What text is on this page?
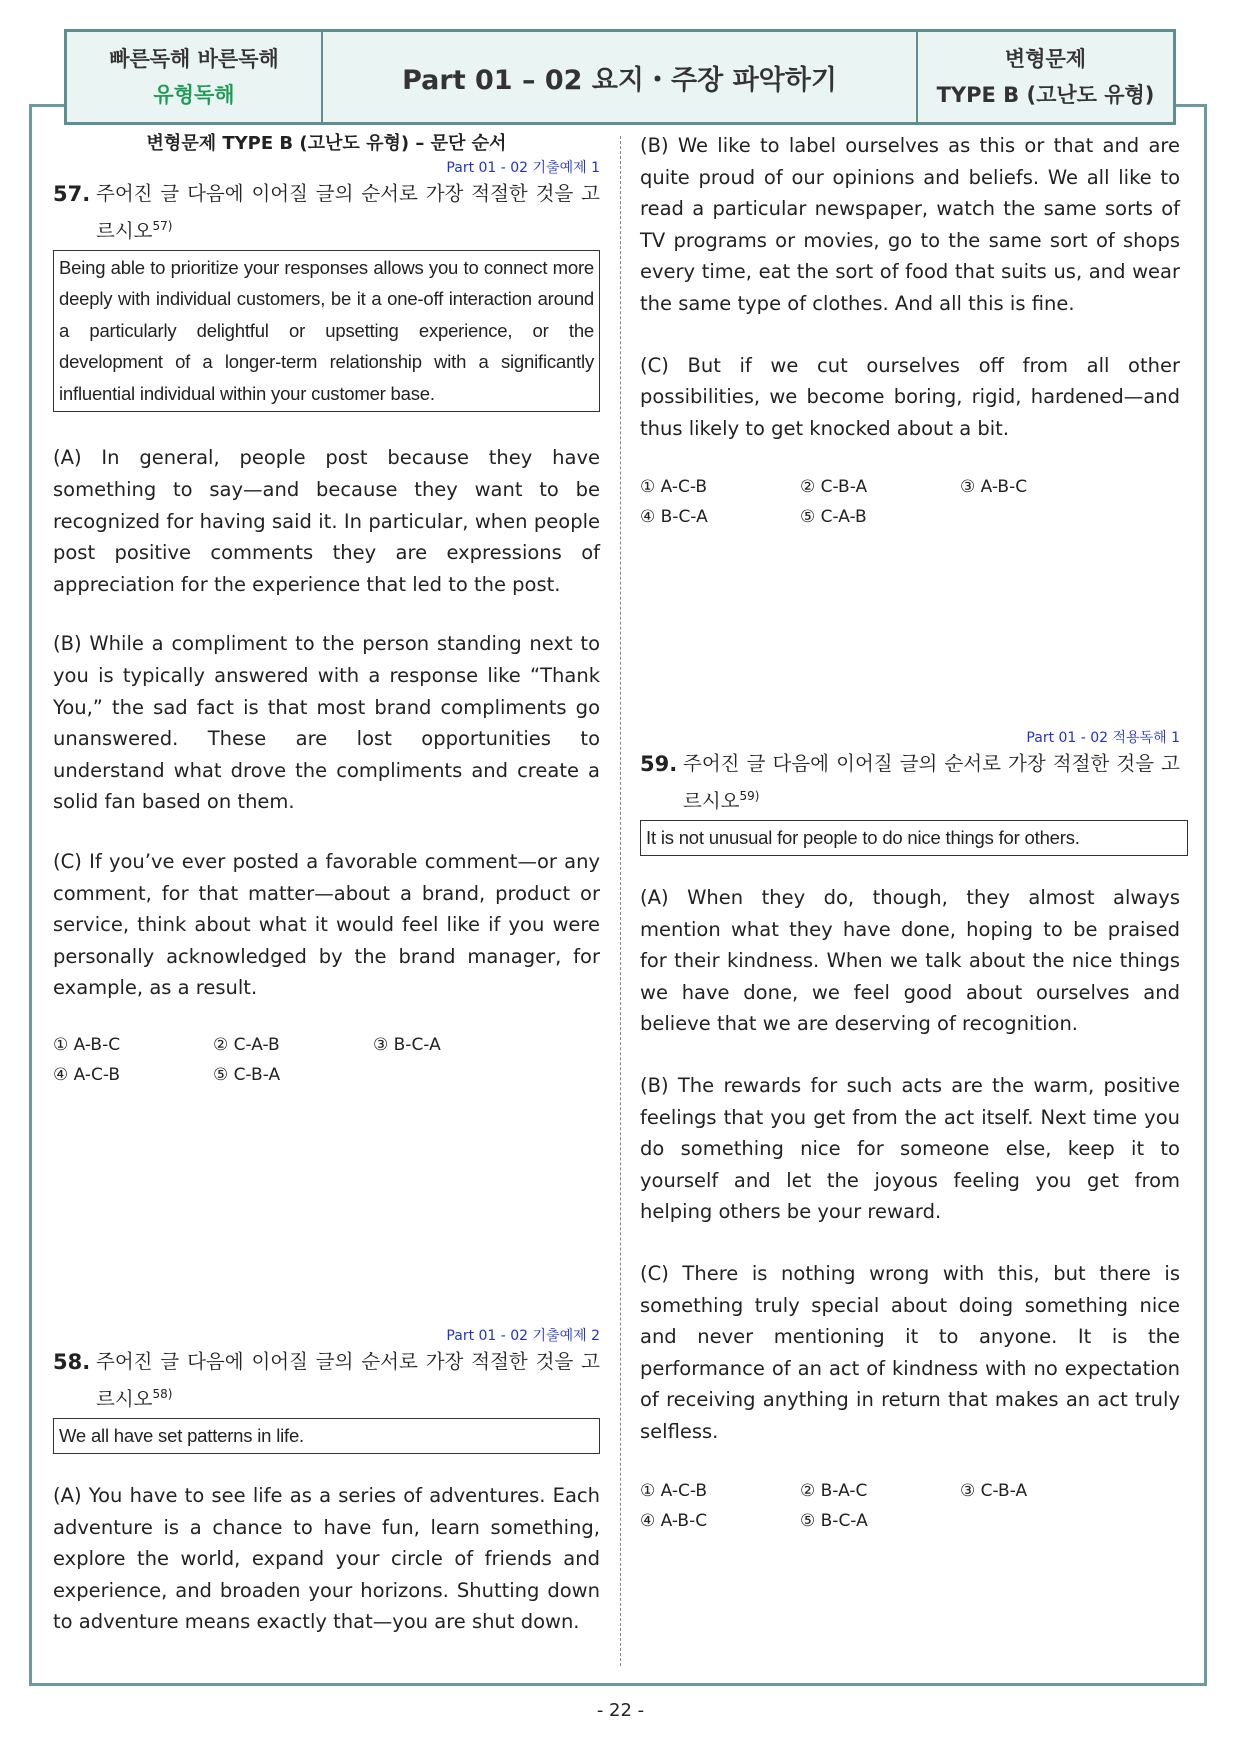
빠른독해 바른독해
유형독해	Part 01 – 02 요지・주장 파악하기
변형문제
TYPE B (고난도 유형)
변형문제 TYPE B (고난도 유형) – 문단 순서
Part 01 - 02 기출예제 1
57. 주어진 글 다음에 이어질 글의 순서로 가장 적절한 것을 고르시오$^{57)}$
Being able to prioritize your responses allows you to connect more deeply with individual customers, be it a one-off interaction around a particularly delightful or upsetting experience, or the development of a longer-term relationship with a significantly influential individual within your customer base.

(A) In general, people post because they have something to say—and because they want to be recognized for having said it. In particular, when people post positive comments they are expressions of appreciation for the experience that led to the post.

(B) While a compliment to the person standing next to you is typically answered with a response like “Thank You,” the sad fact is that most brand compliments go unanswered. These are lost opportunities to understand what drove the compliments and create a solid fan based on them.

(C) If you’ve ever posted a favorable comment—or any comment, for that matter—about a brand, product or service, think about what it would feel like if you were personally acknowledged by the brand manager, for example, as a result.

① A-B-C	② C-A-B	③ B-C-A
④ A-C-B	⑤ C-B-A
Part 01 - 02 기출예제 2
58. 주어진 글 다음에 이어질 글의 순서로 가장 적절한 것을 고르시오$^{58)}$
We all have set patterns in life.

(A) You have to see life as a series of adventures. Each adventure is a chance to have fun, learn something, explore the world, expand your circle of friends and experience, and broaden your horizons. Shutting down to adventure means exactly that—you are shut down.

(B) We like to label ourselves as this or that and are quite proud of our opinions and beliefs. We all like to read a particular newspaper, watch the same sorts of TV programs or movies, go to the same sort of shops every time, eat the sort of food that suits us, and wear the same type of clothes. And all this is fine.

(C) But if we cut ourselves off from all other possibilities, we become boring, rigid, hardened—and thus likely to get knocked about a bit.

① A-C-B	② C-B-A	③ A-B-C
④ B-C-A	⑤ C-A-B
Part 01 - 02 적용독해 1
59. 주어진 글 다음에 이어질 글의 순서로 가장 적절한 것을 고르시오$^{59)}$
It is not unusual for people to do nice things for others.

(A) When they do, though, they almost always mention what they have done, hoping to be praised for their kindness. When we talk about the nice things we have done, we feel good about ourselves and believe that we are deserving of recognition.

(B) The rewards for such acts are the warm, positive feelings that you get from the act itself. Next time you do something nice for someone else, keep it to yourself and let the joyous feeling you get from helping others be your reward.

(C) There is nothing wrong with this, but there is something truly special about doing something nice and never mentioning it to anyone. It is the performance of an act of kindness with no expectation of receiving anything in return that makes an act truly selfless.

① A-C-B	② B-A-C	③ C-B-A
④ A-B-C	⑤ B-C-A
- 22 -
